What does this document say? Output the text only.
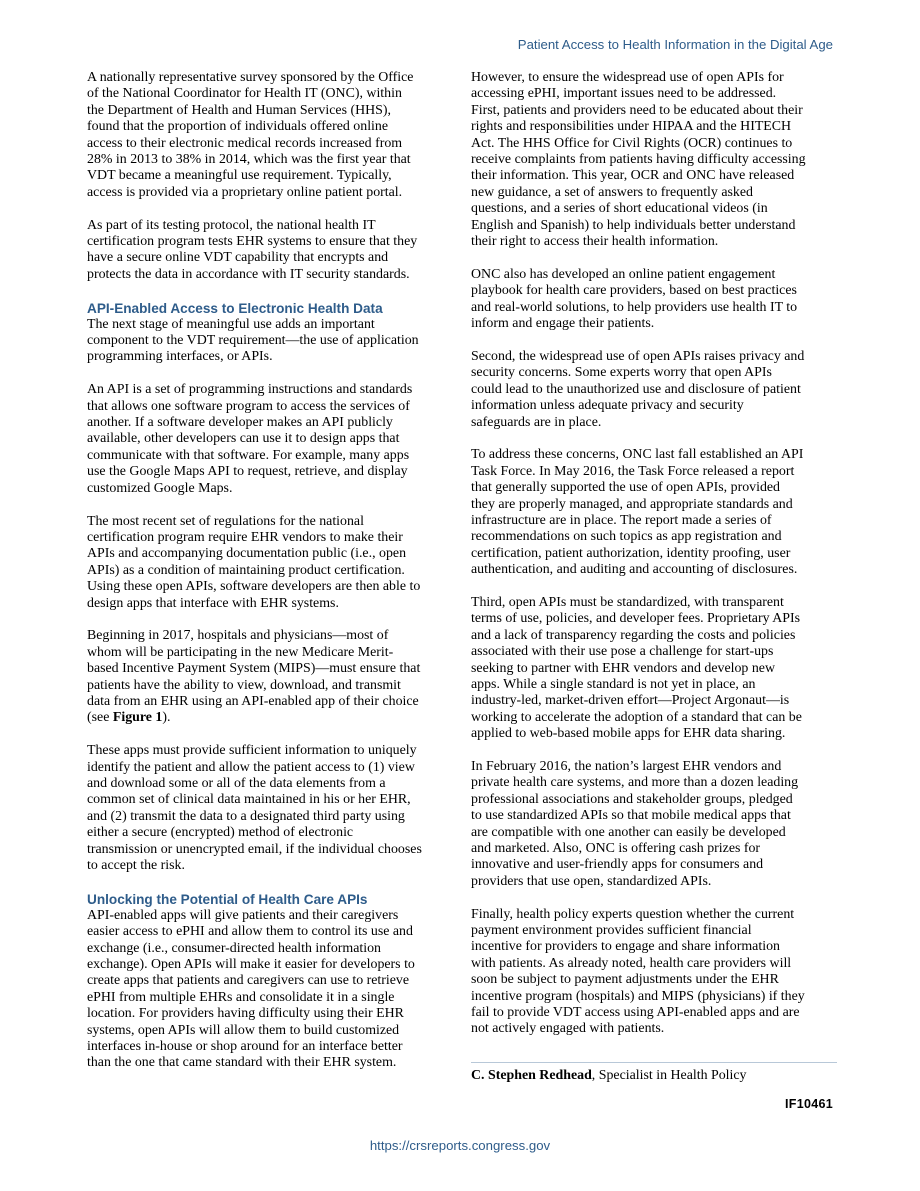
Patient Access to Health Information in the Digital Age

A nationally representative survey sponsored by the Office
of the National Coordinator for Health IT (ONC), within
the Department of Health and Human Services (HHS),
found that the proportion of individuals offered online
access to their electronic medical records increased from
28% in 2013 to 38% in 2014, which was the first year that
VDT became a meaningful use requirement. Typically,
access is provided via a proprietary online patient portal.

As part of its testing protocol, the national health IT
certification program tests EHR systems to ensure that they
have a secure online VDT capability that encrypts and
protects the data in accordance with IT security standards.

API-Enabled Access to Electronic Health Data

The next stage of meaningful use adds an important
component to the VDT requirement—the use of application
programming interfaces, or APIs.

An API is a set of programming instructions and standards
that allows one software program to access the services of
another. If a software developer makes an API publicly
available, other developers can use it to design apps that
communicate with that software. For example, many apps
use the Google Maps API to request, retrieve, and display
customized Google Maps.

The most recent set of regulations for the national
certification program require EHR vendors to make their
APIs and accompanying documentation public (i.e., open
APIs) as a condition of maintaining product certification.
Using these open APIs, software developers are then able to
design apps that interface with EHR systems.

Beginning in 2017, hospitals and physicians—most of
whom will be participating in the new Medicare Merit-
based Incentive Payment System (MIPS)—must ensure that
patients have the ability to view, download, and transmit
data from an EHR using an API-enabled app of their choice
(see Figure 1).

These apps must provide sufficient information to uniquely
identify the patient and allow the patient access to (1) view
and download some or all of the data elements from a
common set of clinical data maintained in his or her EHR,
and (2) transmit the data to a designated third party using
either a secure (encrypted) method of electronic
transmission or unencrypted email, if the individual chooses
to accept the risk.

Unlocking the Potential of Health Care APIs

API-enabled apps will give patients and their caregivers
easier access to ePHI and allow them to control its use and
exchange (i.e., consumer-directed health information
exchange). Open APIs will make it easier for developers to
create apps that patients and caregivers can use to retrieve
ePHI from multiple EHRs and consolidate it in a single
location. For providers having difficulty using their EHR
systems, open APIs will allow them to build customized
interfaces in-house or shop around for an interface better
than the one that came standard with their EHR system.

However, to ensure the widespread use of open APIs for
accessing ePHI, important issues need to be addressed.
First, patients and providers need to be educated about their
rights and responsibilities under HIPAA and the HITECH
Act. The HHS Office for Civil Rights (OCR) continues to
receive complaints from patients having difficulty accessing
their information. This year, OCR and ONC have released
new guidance, a set of answers to frequently asked
questions, and a series of short educational videos (in
English and Spanish) to help individuals better understand
their right to access their health information.

ONC also has developed an online patient engagement
playbook for health care providers, based on best practices
and real-world solutions, to help providers use health IT to
inform and engage their patients.

Second, the widespread use of open APIs raises privacy and
security concerns. Some experts worry that open APIs
could lead to the unauthorized use and disclosure of patient
information unless adequate privacy and security
safeguards are in place.

To address these concerns, ONC last fall established an API
Task Force. In May 2016, the Task Force released a report
that generally supported the use of open APIs, provided
they are properly managed, and appropriate standards and
infrastructure are in place. The report made a series of
recommendations on such topics as app registration and
certification, patient authorization, identity proofing, user
authentication, and auditing and accounting of disclosures.

Third, open APIs must be standardized, with transparent
terms of use, policies, and developer fees. Proprietary APIs
and a lack of transparency regarding the costs and policies
associated with their use pose a challenge for start-ups
seeking to partner with EHR vendors and develop new
apps. While a single standard is not yet in place, an
industry-led, market-driven effort—Project Argonaut—is
working to accelerate the adoption of a standard that can be
applied to web-based mobile apps for EHR data sharing.

In February 2016, the nation’s largest EHR vendors and
private health care systems, and more than a dozen leading
professional associations and stakeholder groups, pledged
to use standardized APIs so that mobile medical apps that
are compatible with one another can easily be developed
and marketed. Also, ONC is offering cash prizes for
innovative and user-friendly apps for consumers and
providers that use open, standardized APIs.

Finally, health policy experts question whether the current
payment environment provides sufficient financial
incentive for providers to engage and share information
with patients. As already noted, health care providers will
soon be subject to payment adjustments under the EHR
incentive program (hospitals) and MIPS (physicians) if they
fail to provide VDT access using API-enabled apps and are
not actively engaged with patients.

C. Stephen Redhead, Specialist in Health Policy
IF10461
https://crsreports.congress.gov
